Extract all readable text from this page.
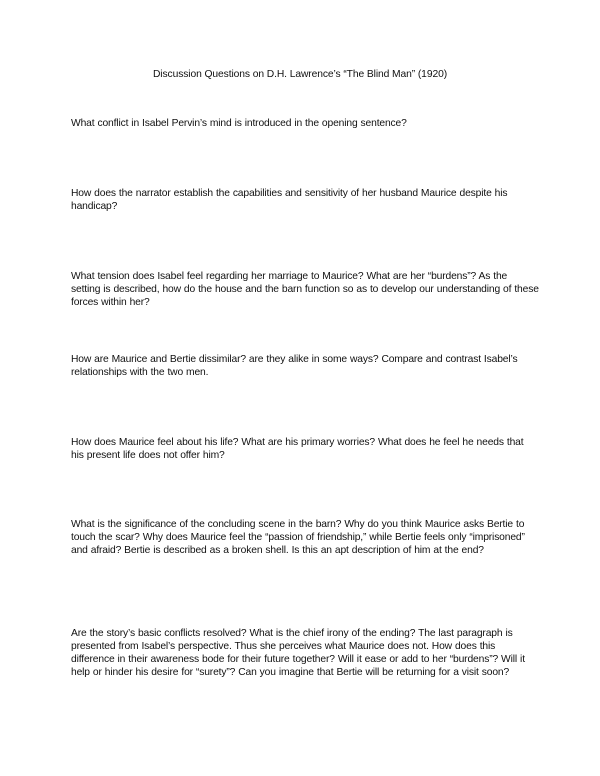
Discussion Questions on D.H. Lawrence’s “The Blind Man” (1920)

What conflict in Isabel Pervin’s mind is introduced in the opening sentence?

How does the narrator establish the capabilities and sensitivity of her husband Maurice despite his handicap?

What tension does Isabel feel regarding her marriage to Maurice? What are her “burdens”? As the setting is described, how do the house and the barn function so as to develop our understanding of these forces within her?

How are Maurice and Bertie dissimilar? are they alike in some ways? Compare and contrast Isabel’s relationships with the two men.

How does Maurice feel about his life? What are his primary worries? What does he feel he needs that his present life does not offer him?

What is the significance of the concluding scene in the barn? Why do you think Maurice asks Bertie to touch the scar? Why does Maurice feel the “passion of friendship,” while Bertie feels only “imprisoned” and afraid? Bertie is described as a broken shell. Is this an apt description of him at the end?

Are the story’s basic conflicts resolved? What is the chief irony of the ending? The last paragraph is presented from Isabel’s perspective. Thus she perceives what Maurice does not. How does this difference in their awareness bode for their future together? Will it ease or add to her “burdens”? Will it help or hinder his desire for “surety”? Can you imagine that Bertie will be returning for a visit soon?
